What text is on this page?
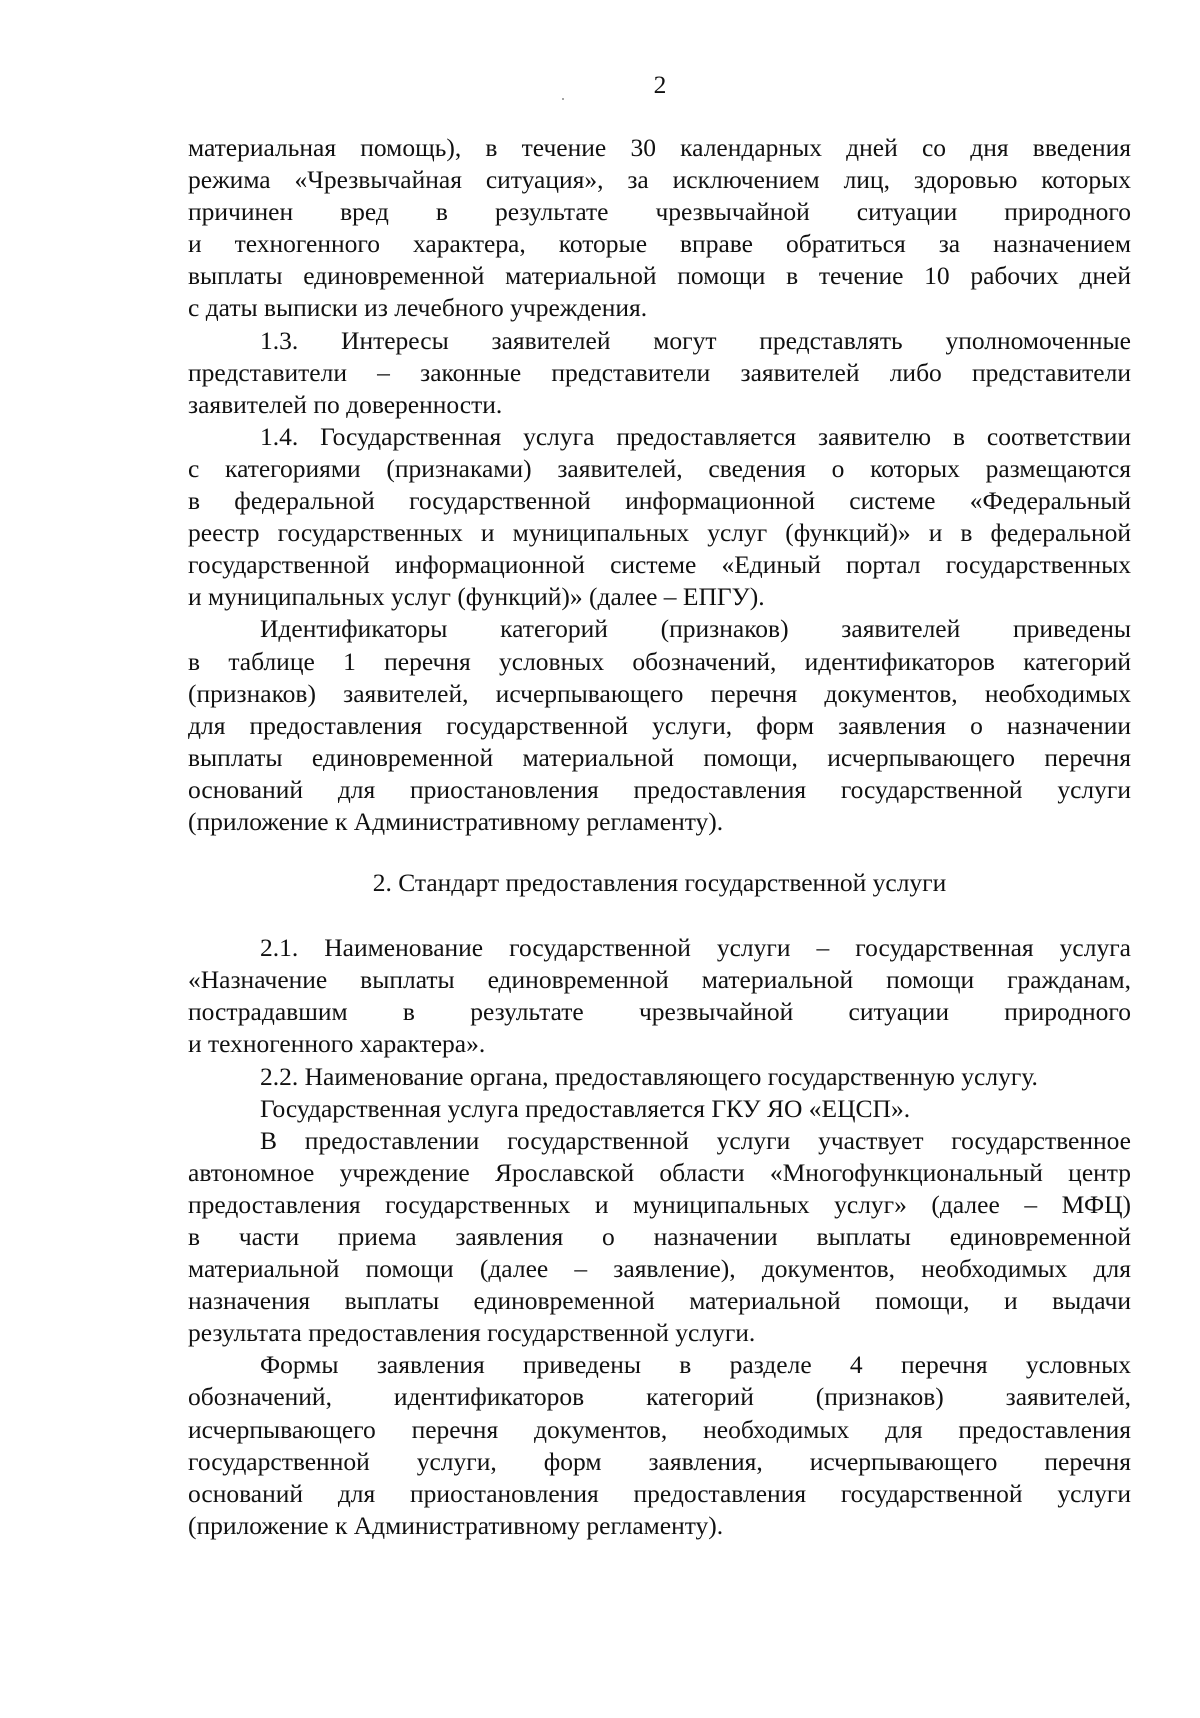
2
материальная помощь), в течение 30 календарных дней со дня введения
режима «Чрезвычайная ситуация», за исключением лиц, здоровью которых
причинен вред в результате чрезвычайной ситуации природного
и техногенного характера, которые вправе обратиться за назначением
выплаты единовременной материальной помощи в течение 10 рабочих дней
с даты выписки из лечебного учреждения.
1.3. Интересы заявителей могут представлять уполномоченные
представители – законные представители заявителей либо представители
заявителей по доверенности.
1.4. Государственная услуга предоставляется заявителю в соответствии
с категориями (признаками) заявителей, сведения о которых размещаются
в федеральной государственной информационной системе «Федеральный
реестр государственных и муниципальных услуг (функций)» и в федеральной
государственной информационной системе «Единый портал государственных
и муниципальных услуг (функций)» (далее – ЕПГУ).
Идентификаторы категорий (признаков) заявителей приведены
в таблице 1 перечня условных обозначений, идентификаторов категорий
(признаков) заявителей, исчерпывающего перечня документов, необходимых
для предоставления государственной услуги, форм заявления о назначении
выплаты единовременной материальной помощи, исчерпывающего перечня
оснований для приостановления предоставления государственной услуги
(приложение к Административному регламенту).
2. Стандарт предоставления государственной услуги
2.1. Наименование государственной услуги – государственная услуга
«Назначение выплаты единовременной материальной помощи гражданам,
пострадавшим в результате чрезвычайной ситуации природного
и техногенного характера».
2.2. Наименование органа, предоставляющего государственную услугу.
Государственная услуга предоставляется ГКУ ЯО «ЕЦСП».
В предоставлении государственной услуги участвует государственное
автономное учреждение Ярославской области «Многофункциональный центр
предоставления государственных и муниципальных услуг» (далее – МФЦ)
в части приема заявления о назначении выплаты единовременной
материальной помощи (далее – заявление), документов, необходимых для
назначения выплаты единовременной материальной помощи, и выдачи
результата предоставления государственной услуги.
Формы заявления приведены в разделе 4 перечня условных
обозначений, идентификаторов категорий (признаков) заявителей,
исчерпывающего перечня документов, необходимых для предоставления
государственной услуги, форм заявления, исчерпывающего перечня
оснований для приостановления предоставления государственной услуги
(приложение к Административному регламенту).
